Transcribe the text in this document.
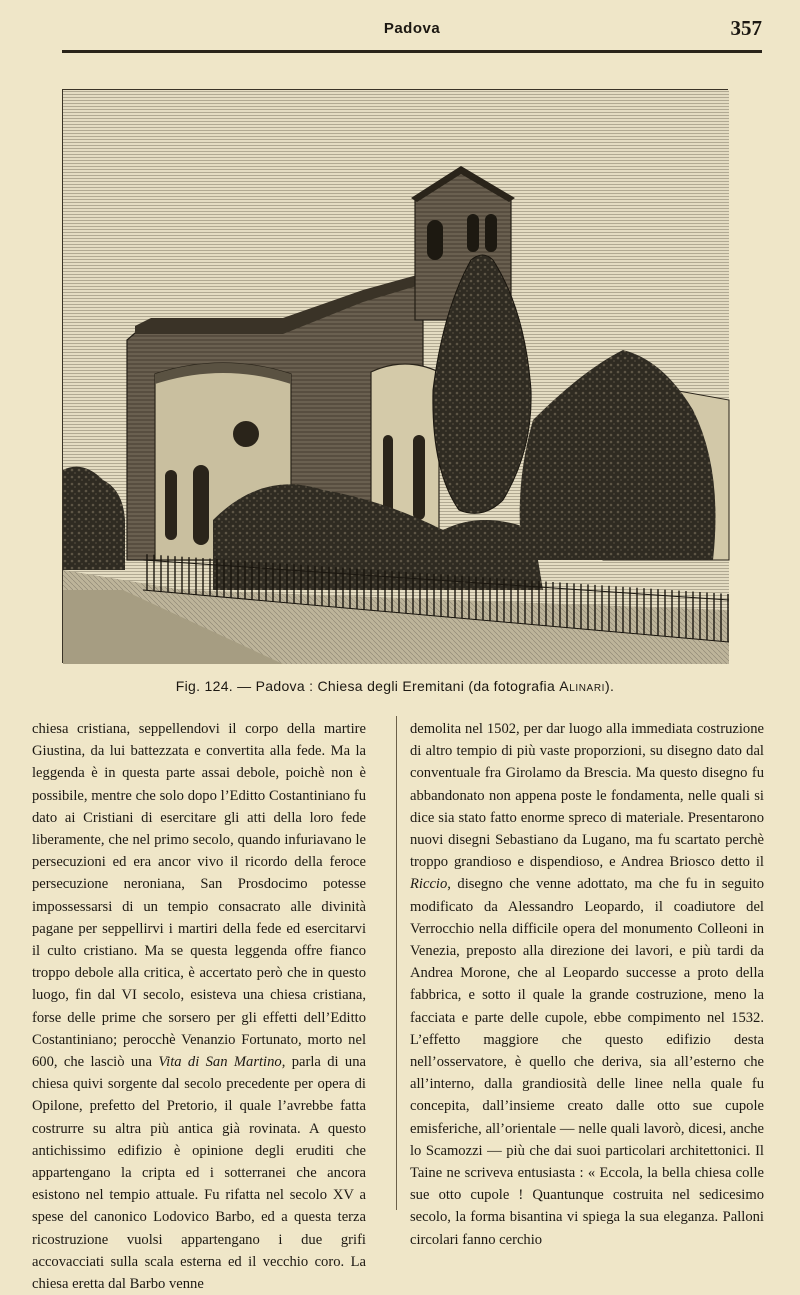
Padova	357
Fig. 124. — Padova : Chiesa degli Eremitani (da fotografia Alinari).

chiesa cristiana, seppellendovi il corpo della martire Giustina, da lui battezzata e convertita alla fede. Ma la leggenda è in questa parte assai debole, poichè non è possibile, mentre che solo dopo l’Editto Costantiniano fu dato ai Cristiani di esercitare gli atti della loro fede liberamente, che nel primo secolo, quando infuriavano le persecuzioni ed era ancor vivo il ricordo della feroce persecuzione neroniana, San Prosdocimo potesse impossessarsi di un tempio consacrato alle divinità pagane per seppellirvi i martiri della fede ed esercitarvi il culto cristiano. Ma se questa leggenda offre fianco troppo debole alla critica, è accertato però che in questo luogo, fin dal VI secolo, esisteva una chiesa cristiana, forse delle prime che sorsero per gli effetti dell’Editto Costantiniano; perocchè Venanzio Fortunato, morto nel 600, che lasciò una Vita di San Martino, parla di una chiesa quivi sorgente dal secolo precedente per opera di Opilone, prefetto del Pretorio, il quale l’avrebbe fatta costrurre su altra più antica già rovinata. A questo antichissimo edifizio è opinione degli eruditi che appartengano la cripta ed i sotterranei che ancora esistono nel tempio attuale. Fu rifatta nel secolo XV a spese del canonico Lodovico Barbo, ed a questa terza ricostruzione vuolsi appartengano i due grifi accovacciati sulla scala esterna ed il vecchio coro. La chiesa eretta dal Barbo venne

demolita nel 1502, per dar luogo alla immediata costruzione di altro tempio di più vaste proporzioni, su disegno dato dal conventuale fra Girolamo da Brescia. Ma questo disegno fu abbandonato non appena poste le fondamenta, nelle quali si dice sia stato fatto enorme spreco di materiale. Presentarono nuovi disegni Sebastiano da Lugano, ma fu scartato perchè troppo grandioso e dispendioso, e Andrea Briosco detto il Riccio, disegno che venne adottato, ma che fu in seguito modificato da Alessandro Leopardo, il coadiutore del Verrocchio nella difficile opera del monumento Colleoni in Venezia, preposto alla direzione dei lavori, e più tardi da Andrea Morone, che al Leopardo successe a proto della fabbrica, e sotto il quale la grande costruzione, meno la facciata e parte delle cupole, ebbe compimento nel 1532. L’effetto maggiore che questo edifizio desta nell’osservatore, è quello che deriva, sia all’esterno che all’interno, dalla grandiosità delle linee nella quale fu concepita, dall’insieme creato dalle otto sue cupole emisferiche, all’orientale — nelle quali lavorò, dicesi, anche lo Scamozzi — più che dai suoi particolari architettonici. Il Taine ne scriveva entusiasta : « Eccola, la bella chiesa colle sue otto cupole ! Quantunque costruita nel sedicesimo secolo, la forma bisantina vi spiega la sua eleganza. Palloni circolari fanno cerchio
